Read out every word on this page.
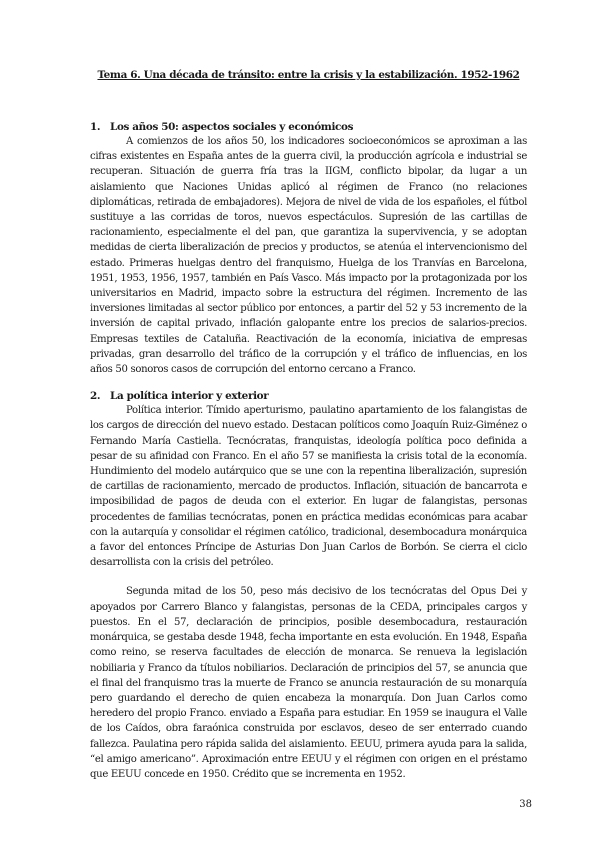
Tema 6. Una década de tránsito: entre la crisis y la estabilización. 1952-1962
1. Los años 50: aspectos sociales y económicos

A comienzos de los años 50, los indicadores socioeconómicos se aproximan a las cifras existentes en España antes de la guerra civil, la producción agrícola e industrial se recuperan. Situación de guerra fría tras la IIGM, conflicto bipolar, da lugar a un aislamiento que Naciones Unidas aplicó al régimen de Franco (no relaciones diplomáticas, retirada de embajadores). Mejora de nivel de vida de los españoles, el fútbol sustituye a las corridas de toros, nuevos espectáculos. Supresión de las cartillas de racionamiento, especialmente el del pan, que garantiza la supervivencia, y se adoptan medidas de cierta liberalización de precios y productos, se atenúa el intervencionismo del estado. Primeras huelgas dentro del franquismo, Huelga de los Tranvías en Barcelona, 1951, 1953, 1956, 1957, también en País Vasco. Más impacto por la protagonizada por los universitarios en Madrid, impacto sobre la estructura del régimen. Incremento de las inversiones limitadas al sector público por entonces, a partir del 52 y 53 incremento de la inversión de capital privado, inflación galopante entre los precios de salarios-precios. Empresas textiles de Cataluña. Reactivación de la economía, iniciativa de empresas privadas, gran desarrollo del tráfico de la corrupción y el tráfico de influencias, en los años 50 sonoros casos de corrupción del entorno cercano a Franco.

2. La política interior y exterior

Política interior. Tímido aperturismo, paulatino apartamiento de los falangistas de los cargos de dirección del nuevo estado. Destacan políticos como Joaquín Ruiz-Giménez o Fernando María Castiella. Tecnócratas, franquistas, ideología política poco definida a pesar de su afinidad con Franco. En el año 57 se manifiesta la crisis total de la economía. Hundimiento del modelo autárquico que se une con la repentina liberalización, supresión de cartillas de racionamiento, mercado de productos. Inflación, situación de bancarrota e imposibilidad de pagos de deuda con el exterior. En lugar de falangistas, personas procedentes de familias tecnócratas, ponen en práctica medidas económicas para acabar con la autarquía y consolidar el régimen católico, tradicional, desembocadura monárquica a favor del entonces Príncipe de Asturias Don Juan Carlos de Borbón. Se cierra el ciclo desarrollista con la crisis del petróleo.

Segunda mitad de los 50, peso más decisivo de los tecnócratas del Opus Dei y apoyados por Carrero Blanco y falangistas, personas de la CEDA, principales cargos y puestos. En el 57, declaración de principios, posible desembocadura, restauración monárquica, se gestaba desde 1948, fecha importante en esta evolución. En 1948, España como reino, se reserva facultades de elección de monarca. Se renueva la legislación nobiliaria y Franco da títulos nobiliarios. Declaración de principios del 57, se anuncia que el final del franquismo tras la muerte de Franco se anuncia restauración de su monarquía pero guardando el derecho de quien encabeza la monarquía. Don Juan Carlos como heredero del propio Franco. enviado a España para estudiar. En 1959 se inaugura el Valle de los Caídos, obra faraónica construida por esclavos, deseo de ser enterrado cuando fallezca. Paulatina pero rápida salida del aislamiento. EEUU, primera ayuda para la salida, “el amigo americano”. Aproximación entre EEUU y el régimen con origen en el préstamo que EEUU concede en 1950. Crédito que se incrementa en 1952.

38
